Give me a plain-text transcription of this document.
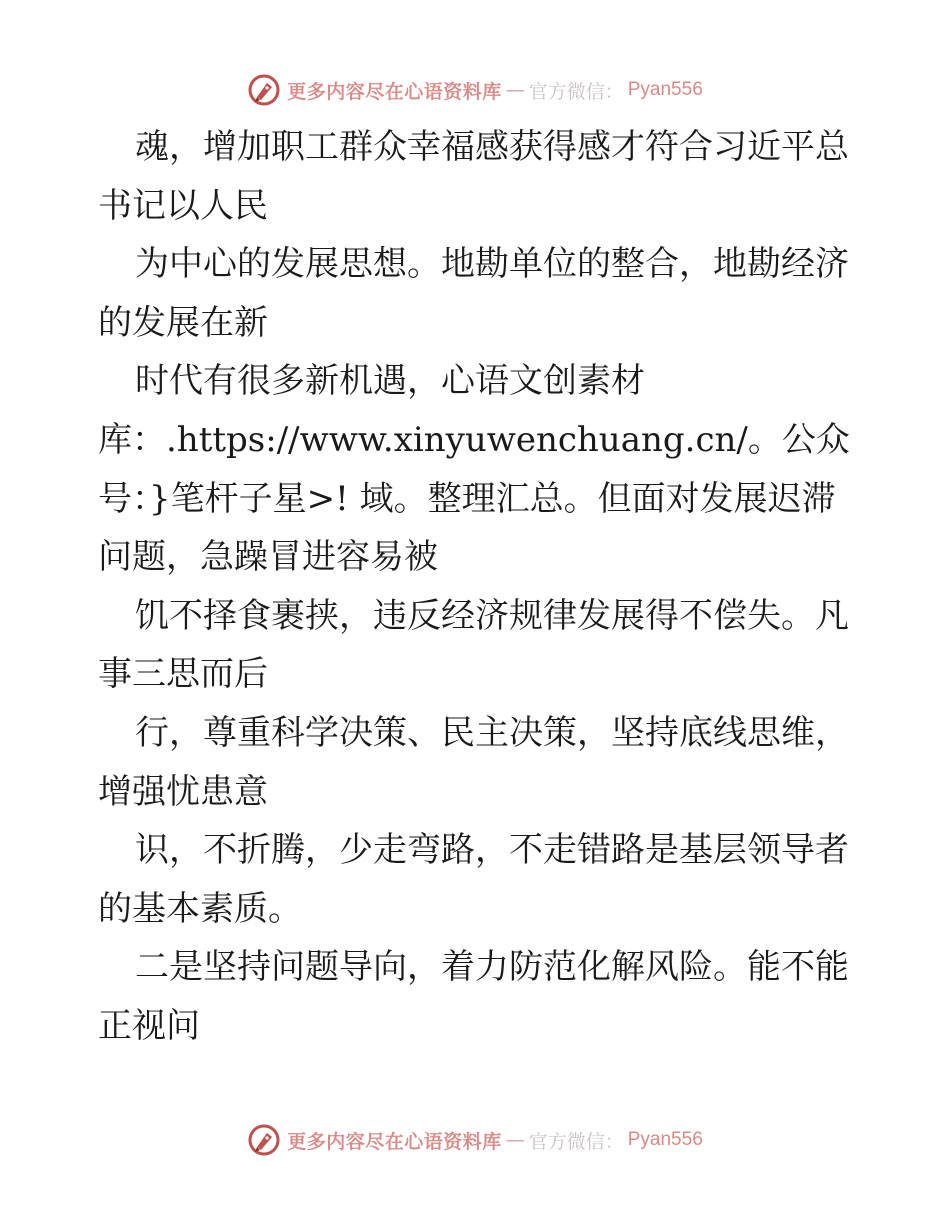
更多内容尽在心语资料库 — 官方微信： Pyan556
魂，增加职工群众幸福感获得感才符合习近平总
书记以人民
为中心的发展思想。地勘单位的整合，地勘经济
的发展在新
时代有很多新机遇，心语文创素材
库：.https://www.xinyuwenchuang.cn/。公众
号：}笔杆子星>! 域。整理汇总。但面对发展迟滞
问题，急躁冒进容易被
饥不择食裹挟，违反经济规律发展得不偿失。凡
事三思而后
行，尊重科学决策、民主决策，坚持底线思维，
增强忧患意
识，不折腾，少走弯路，不走错路是基层领导者
的基本素质。
二是坚持问题导向，着力防范化解风险。能不能
正视问
更多内容尽在心语资料库 — 官方微信： Pyan556
